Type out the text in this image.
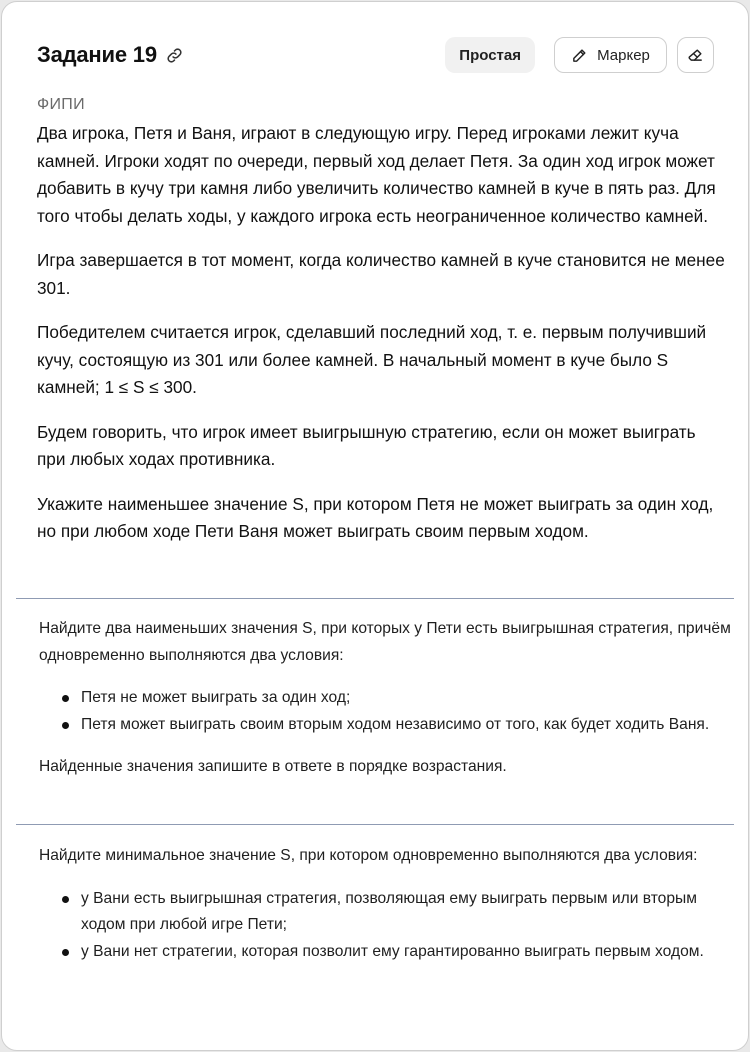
Задание 19	Простая	Маркер
ФИПИ

Два игрока, Петя и Ваня, играют в следующую игру. Перед игроками лежит куча камней. Игроки ходят по очереди, первый ход делает Петя. За один ход игрок может добавить в кучу три камня либо увеличить количество камней в куче в пять раз. Для того чтобы делать ходы, у каждого игрока есть неограниченное количество камней.

Игра завершается в тот момент, когда количество камней в куче становится не менее 301.

Победителем считается игрок, сделавший последний ход, т. е. первым получивший кучу, состоящую из 301 или более камней. В начальный момент в куче было S камней; 1 ≤ S ≤ 300.

Будем говорить, что игрок имеет выигрышную стратегию, если он может выиграть при любых ходах противника.

Укажите наименьшее значение S, при котором Петя не может выиграть за один ход, но при любом ходе Пети Ваня может выиграть своим первым ходом.

Найдите два наименьших значения S, при которых у Пети есть выигрышная стратегия, причём одновременно выполняются два условия:

Петя не может выиграть за один ход;
Петя может выиграть своим вторым ходом независимо от того, как будет ходить Ваня.

Найденные значения запишите в ответе в порядке возрастания.

Найдите минимальное значение S, при котором одновременно выполняются два условия:

у Вани есть выигрышная стратегия, позволяющая ему выиграть первым или вторым ходом при любой игре Пети;
у Вани нет стратегии, которая позволит ему гарантированно выиграть первым ходом.
